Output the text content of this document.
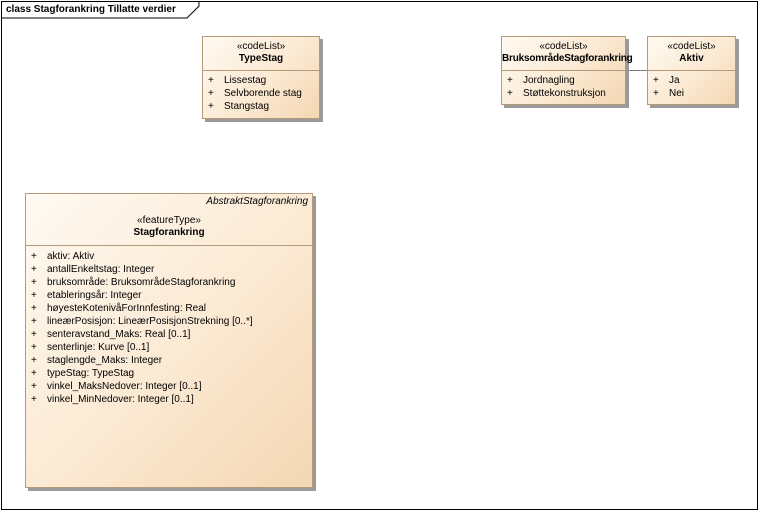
class Stagforankring Tillatte verdier
«codeList»
TypeStag
+ Lissestag
+ Selvborende stag
+ Stangstag
«codeList»
BruksområdeStagforankring
+ Jordnagling
+ Støttekonstruksjon
«codeList»
Aktiv
+ Ja
+ Nei
AbstraktStagforankring
«featureType»
Stagforankring
+ aktiv: Aktiv
+ antallEnkeltstag: Integer
+ bruksområde: BruksområdeStagforankring
+ etableringsår: Integer
+ høyesteKotenivåForInnfesting: Real
+ lineærPosisjon: LineærPosisjonStrekning [0..*]
+ senteravstand_Maks: Real [0..1]
+ senterlinje: Kurve [0..1]
+ staglengde_Maks: Integer
+ typeStag: TypeStag
+ vinkel_MaksNedover: Integer [0..1]
+ vinkel_MinNedover: Integer [0..1]
